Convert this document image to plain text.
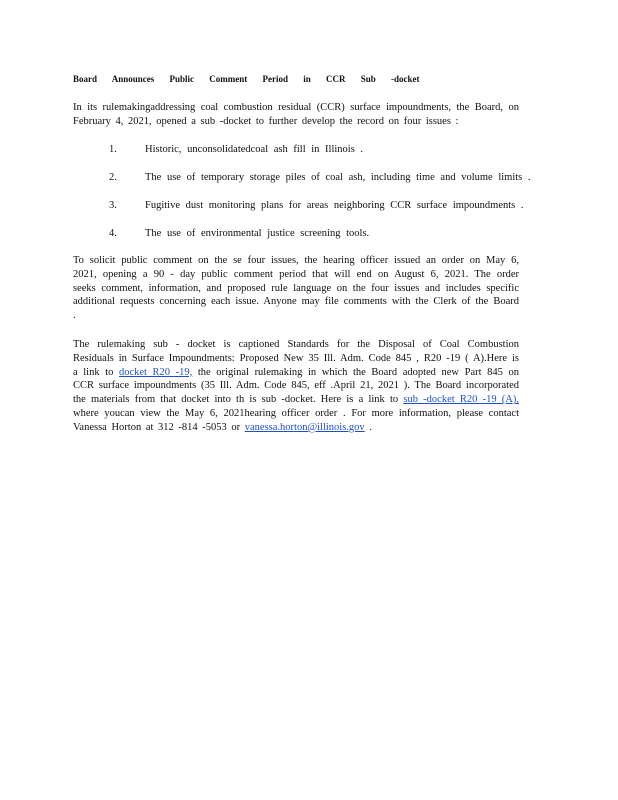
Board Announces Public Comment Period in CCR Sub -docket
In its rulemakingaddressing coal combustion residual (CCR) surface impoundments, the Board, on February 4, 2021, opened a sub -docket to further develop the record on four issues :
1.	Historic, unconsolidatedcoal ash fill in Illinois .
2.	The use of temporary storage piles of coal ash, including time and volume limits .
3.	Fugitive dust monitoring plans for areas neighboring CCR surface impoundments .
4.	The use of environmental justice screening tools.
To solicit public comment on the se four issues, the hearing officer issued an order on May 6, 2021, opening a 90 - day public comment period that will end on August 6, 2021. The order seeks comment, information, and proposed rule language on the four issues and includes specific additional requests concerning each issue. Anyone may file comments with the Clerk of the Board .
The rulemaking sub - docket is captioned Standards for the Disposal of Coal Combustion Residuals in Surface Impoundments: Proposed New 35 Ill. Adm. Code 845 , R20 -19 ( A).Here is a link to docket R20 -19, the original rulemaking in which the Board adopted new Part 845 on CCR surface impoundments (35 Ill. Adm. Code 845, eff .April 21, 2021 ). The Board incorporated the materials from that docket into th is sub -docket. Here is a link to sub -docket R20 -19 (A), where youcan view the May 6, 2021hearing officer order . For more information, please contact Vanessa Horton at 312 -814 -5053 or vanessa.horton@illinois.gov .
